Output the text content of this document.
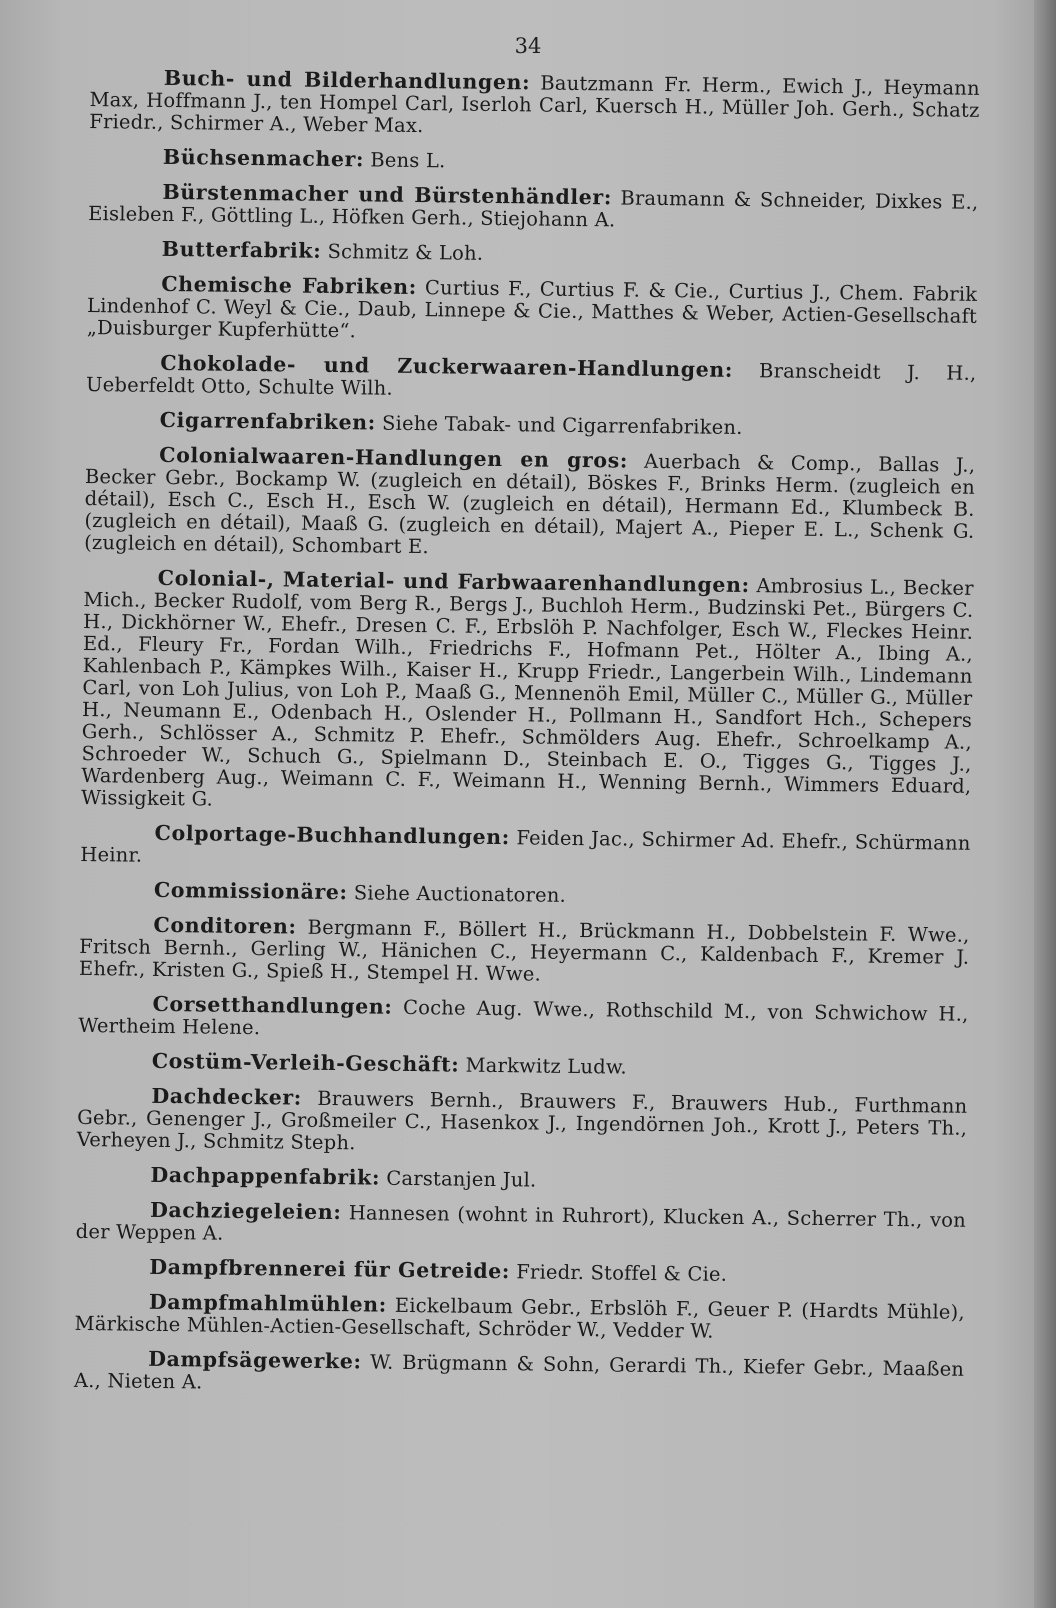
34

Buch- und Bilderhandlungen: Bautzmann Fr. Herm., Ewich J., Heymann Max, Hoffmann J., ten Hompel Carl, Iserloh Carl, Kuersch H., Müller Joh. Gerh., Schatz Friedr., Schirmer A., Weber Max.

Büchsenmacher: Bens L.

Bürstenmacher und Bürstenhändler: Braumann & Schneider, Dixkes E., Eisleben F., Göttling L., Höfken Gerh., Stiejohann A.

Butterfabrik: Schmitz & Loh.

Chemische Fabriken: Curtius F., Curtius F. & Cie., Curtius J., Chem. Fabrik Lindenhof C. Weyl & Cie., Daub, Linnepe & Cie., Matthes & Weber, Actien-Gesellschaft „Duisburger Kupferhütte“.

Chokolade- und Zuckerwaaren-Handlungen: Branscheidt J. H., Ueberfeldt Otto, Schulte Wilh.

Cigarrenfabriken: Siehe Tabak- und Cigarrenfabriken.

Colonialwaaren-Handlungen en gros: Auerbach & Comp., Ballas J., Becker Gebr., Bockamp W. (zugleich en détail), Böskes F., Brinks Herm. (zugleich en détail), Esch C., Esch H., Esch W. (zugleich en détail), Hermann Ed., Klumbeck B. (zugleich en détail), Maaß G. (zugleich en détail), Majert A., Pieper E. L., Schenk G. (zugleich en détail), Schombart E.

Colonial-, Material- und Farbwaarenhandlungen: Ambrosius L., Becker Mich., Becker Rudolf, vom Berg R., Bergs J., Buchloh Herm., Budzinski Pet., Bürgers C. H., Dickhörner W., Ehefr., Dresen C. F., Erbslöh P. Nachfolger, Esch W., Fleckes Heinr. Ed., Fleury Fr., Fordan Wilh., Friedrichs F., Hofmann Pet., Hölter A., Ibing A., Kahlenbach P., Kämpkes Wilh., Kaiser H., Krupp Friedr., Langerbein Wilh., Lindemann Carl, von Loh Julius, von Loh P., Maaß G., Mennenöh Emil, Müller C., Müller G., Müller H., Neumann E., Odenbach H., Oslender H., Pollmann H., Sandfort Hch., Schepers Gerh., Schlösser A., Schmitz P. Ehefr., Schmölders Aug. Ehefr., Schroelkamp A., Schroeder W., Schuch G., Spielmann D., Steinbach E. O., Tigges G., Tigges J., Wardenberg Aug., Weimann C. F., Weimann H., Wenning Bernh., Wimmers Eduard, Wissigkeit G.

Colportage-Buchhandlungen: Feiden Jac., Schirmer Ad. Ehefr., Schürmann Heinr.

Commissionäre: Siehe Auctionatoren.

Conditoren: Bergmann F., Böllert H., Brückmann H., Dobbelstein F. Wwe., Fritsch Bernh., Gerling W., Hänichen C., Heyermann C., Kaldenbach F., Kremer J. Ehefr., Kristen G., Spieß H., Stempel H. Wwe.

Corsetthandlungen: Coche Aug. Wwe., Rothschild M., von Schwichow H., Wertheim Helene.

Costüm-Verleih-Geschäft: Markwitz Ludw.

Dachdecker: Brauwers Bernh., Brauwers F., Brauwers Hub., Furthmann Gebr., Genenger J., Großmeiler C., Hasenkox J., Ingendörnen Joh., Krott J., Peters Th., Verheyen J., Schmitz Steph.

Dachpappenfabrik: Carstanjen Jul.

Dachziegeleien: Hannesen (wohnt in Ruhrort), Klucken A., Scherrer Th., von der Weppen A.

Dampfbrennerei für Getreide: Friedr. Stoffel & Cie.

Dampfmahlmühlen: Eickelbaum Gebr., Erbslöh F., Geuer P. (Hardts Mühle), Märkische Mühlen-Actien-Gesellschaft, Schröder W., Vedder W.

Dampfsägewerke: W. Brügmann & Sohn, Gerardi Th., Kiefer Gebr., Maaßen A., Nieten A.
